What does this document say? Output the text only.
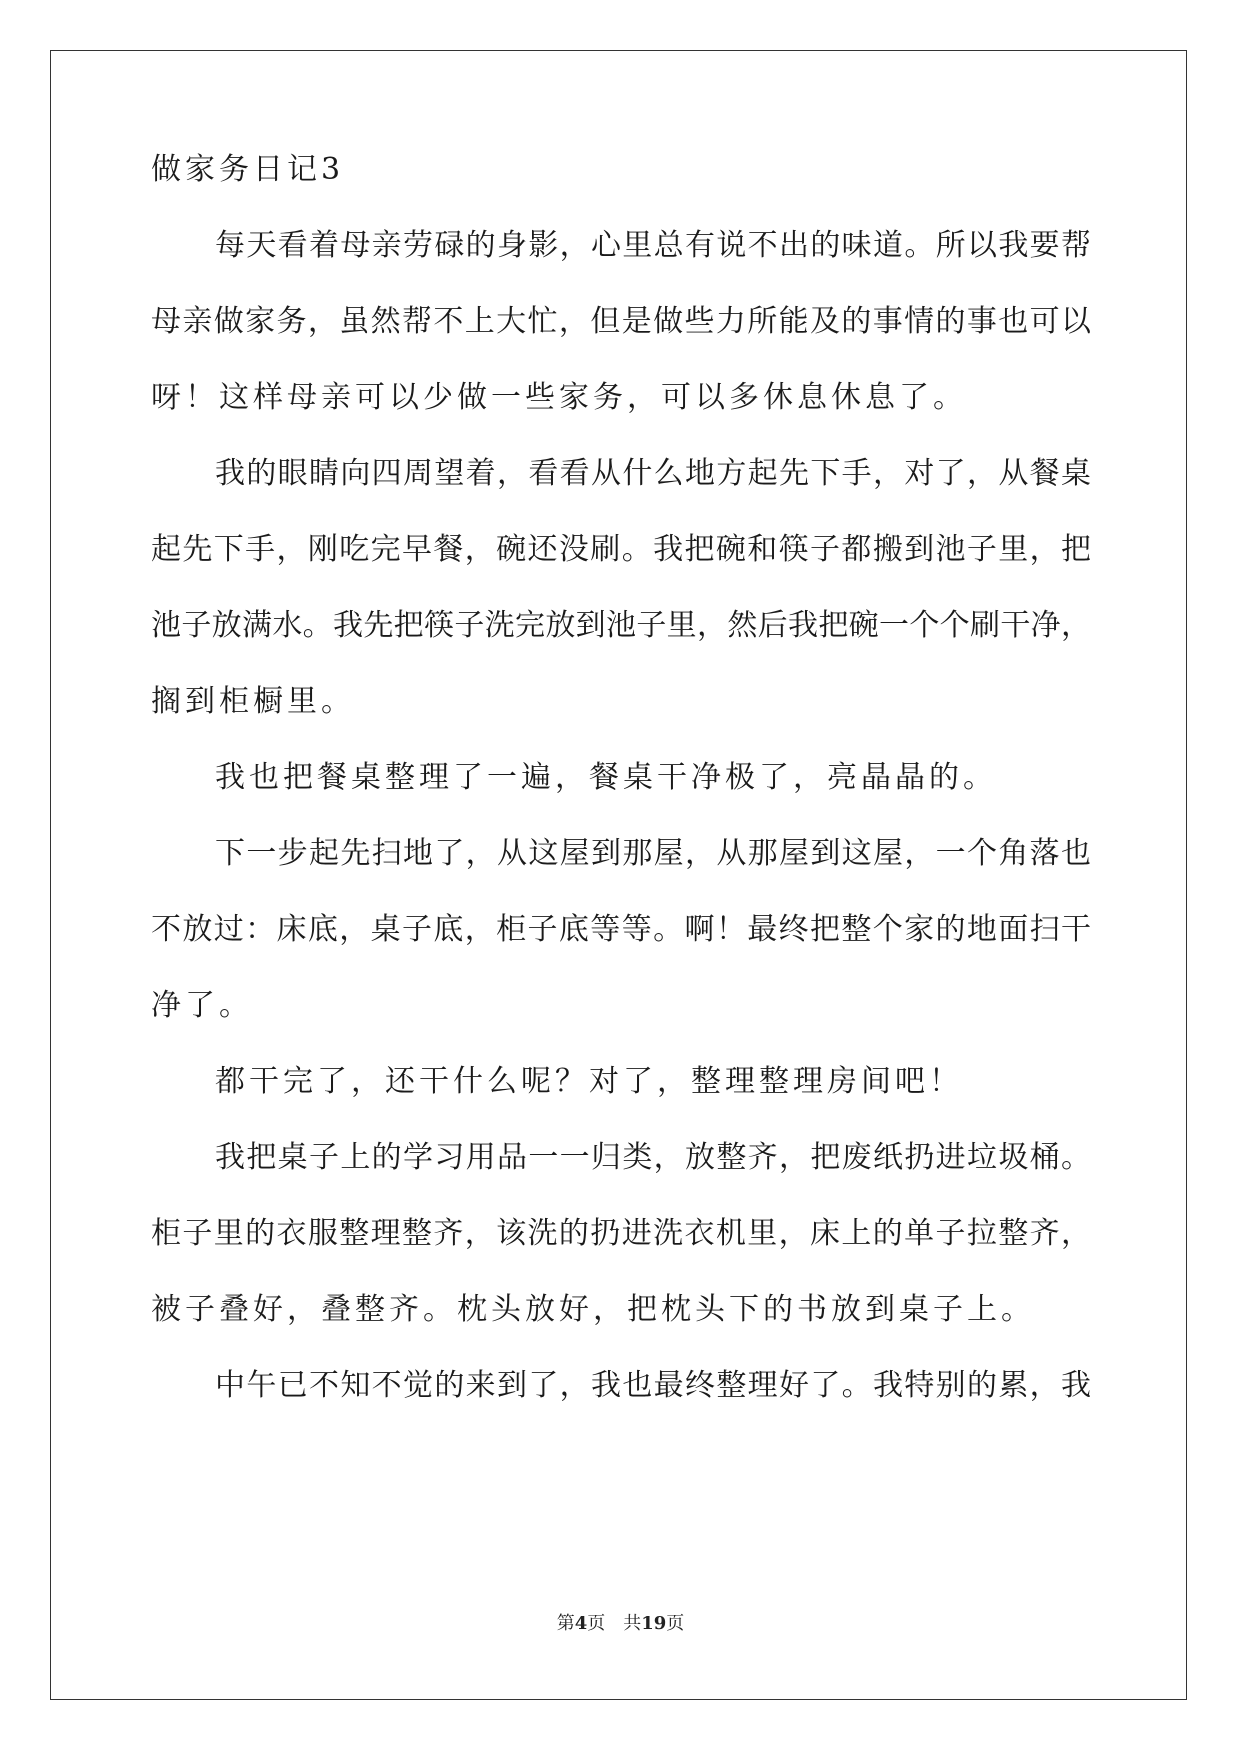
做家务日记3
每天看着母亲劳碌的身影，心里总有说不出的味道。所以我要帮
母亲做家务，虽然帮不上大忙，但是做些力所能及的事情的事也可以
呀！这样母亲可以少做一些家务，可以多休息休息了。
我的眼睛向四周望着，看看从什么地方起先下手，对了，从餐桌
起先下手，刚吃完早餐，碗还没刷。我把碗和筷子都搬到池子里，把
池子放满水。我先把筷子洗完放到池子里，然后我把碗一个个刷干净，
搁到柜橱里。
我也把餐桌整理了一遍，餐桌干净极了，亮晶晶的。
下一步起先扫地了，从这屋到那屋，从那屋到这屋，一个角落也
不放过：床底，桌子底，柜子底等等。啊！最终把整个家的地面扫干
净了。
都干完了，还干什么呢？对了，整理整理房间吧！
我把桌子上的学习用品一一归类，放整齐，把废纸扔进垃圾桶。
柜子里的衣服整理整齐，该洗的扔进洗衣机里，床上的单子拉整齐，
被子叠好，叠整齐。枕头放好，把枕头下的书放到桌子上。
中午已不知不觉的来到了，我也最终整理好了。我特别的累，我
第4页 共19页
